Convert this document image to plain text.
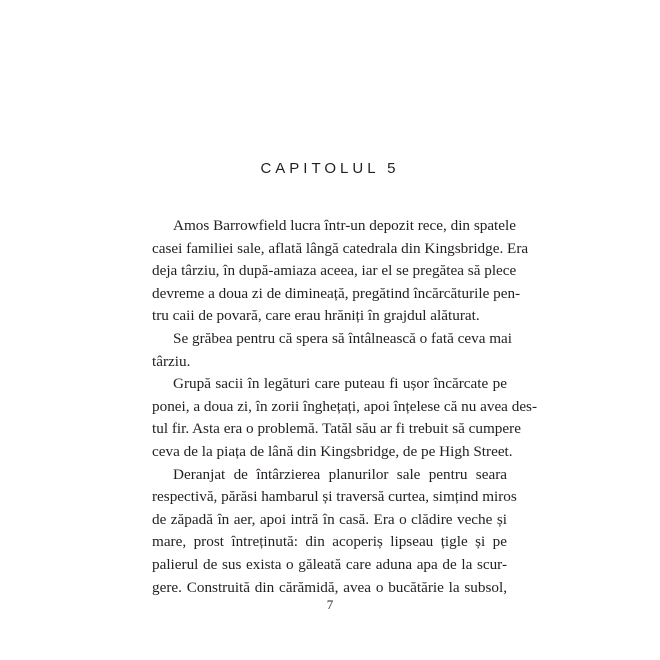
CAPITOLUL 5
Amos Barrowfield lucra într-un depozit rece, din spatele
casei familiei sale, aflată lângă catedrala din Kingsbridge. Era
deja târziu, în după-amiaza aceea, iar el se pregătea să plece
devreme a doua zi de dimineață, pregătind încărcăturile pen-
tru caii de povară, care erau hrăniți în grajdul alăturat.
Se grăbea pentru că spera să întâlnească o fată ceva mai
târziu.
Grupă sacii în legături care puteau fi ușor încărcate pe
ponei, a doua zi, în zorii înghețați, apoi înțelese că nu avea des-
tul fir. Asta era o problemă. Tatăl său ar fi trebuit să cumpere
ceva de la piața de lână din Kingsbridge, de pe High Street.
Deranjat de întârzierea planurilor sale pentru seara
respectivă, părăsi hambarul și traversă curtea, simțind miros
de zăpadă în aer, apoi intră în casă. Era o clădire veche și
mare, prost întreținută: din acoperiș lipseau țigle și pe
palierul de sus exista o găleată care aduna apa de la scur-
gere. Construită din cărămidă, avea o bucătărie la subsol,
7
